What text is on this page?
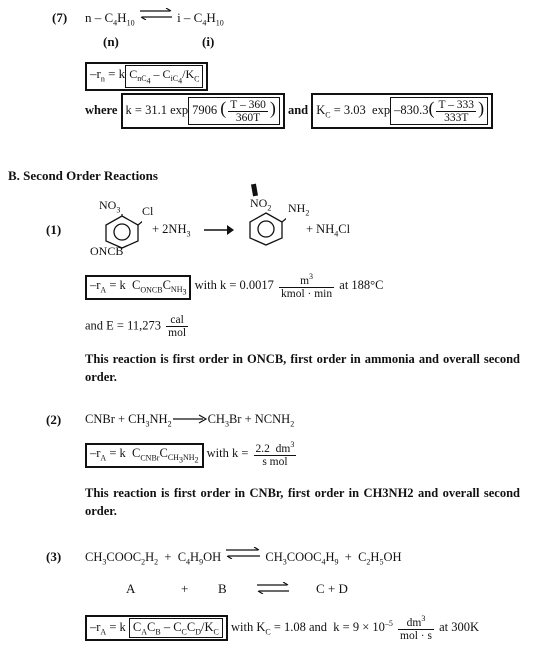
(7) n – $C_4H_{10}$ ⇌ i – $C_4H_{10}$
(n)	(i)
$-r_n = k$ $C_{nC_4} - C_{iC_4}/K_C$
where k = 31.1 exp 7906 ( $\frac{T - 360}{360T}$ ) and $K_C = 3.03$  $\exp -830.3( \frac{T - 333}{333T}$ )
B. Second Order Reactions
(1)
$NO_3$ Cl
ONCB
+ $2NH_3$ →
$NO_2$ $NH_2$
+ $NH_4Cl$
$-r_A = k$  $C_{ONCB}C_{NH_3}$ with $k = 0.0017 \frac{m^3}{\text{kmol · min}}$ at 188°C
and $E = 11,273 \frac{\text{cal}}{\text{mol}}$
This reaction is first order in ONCB, first order in ammonia and overall second order.
(2) CNBr + $CH_3NH_2\to CH_3Br$ + $NCNH_2$
$-r_A = k$  $C_{CNBr}C_{CH_3NH_2}$ with $k = \frac{2.2 dm^3}{\text{s mol}}$
This reaction is first order in CNBr, first order in CH3NH2 and overall second order.
(3) $CH_3COOC_2H_2 + C_4H_9OH$ ⇌ $CH_3COOC_4H_9 + C_2H_5OH$
A	+ B	C + D
$-r_A = k$ $C_AC_B - C_CC_D/K_C$ with $K_C = 1.08$ and  $k = 9 \times 10^{-5} \frac{dm^3}{\text{mol · s}}$ at 300K
